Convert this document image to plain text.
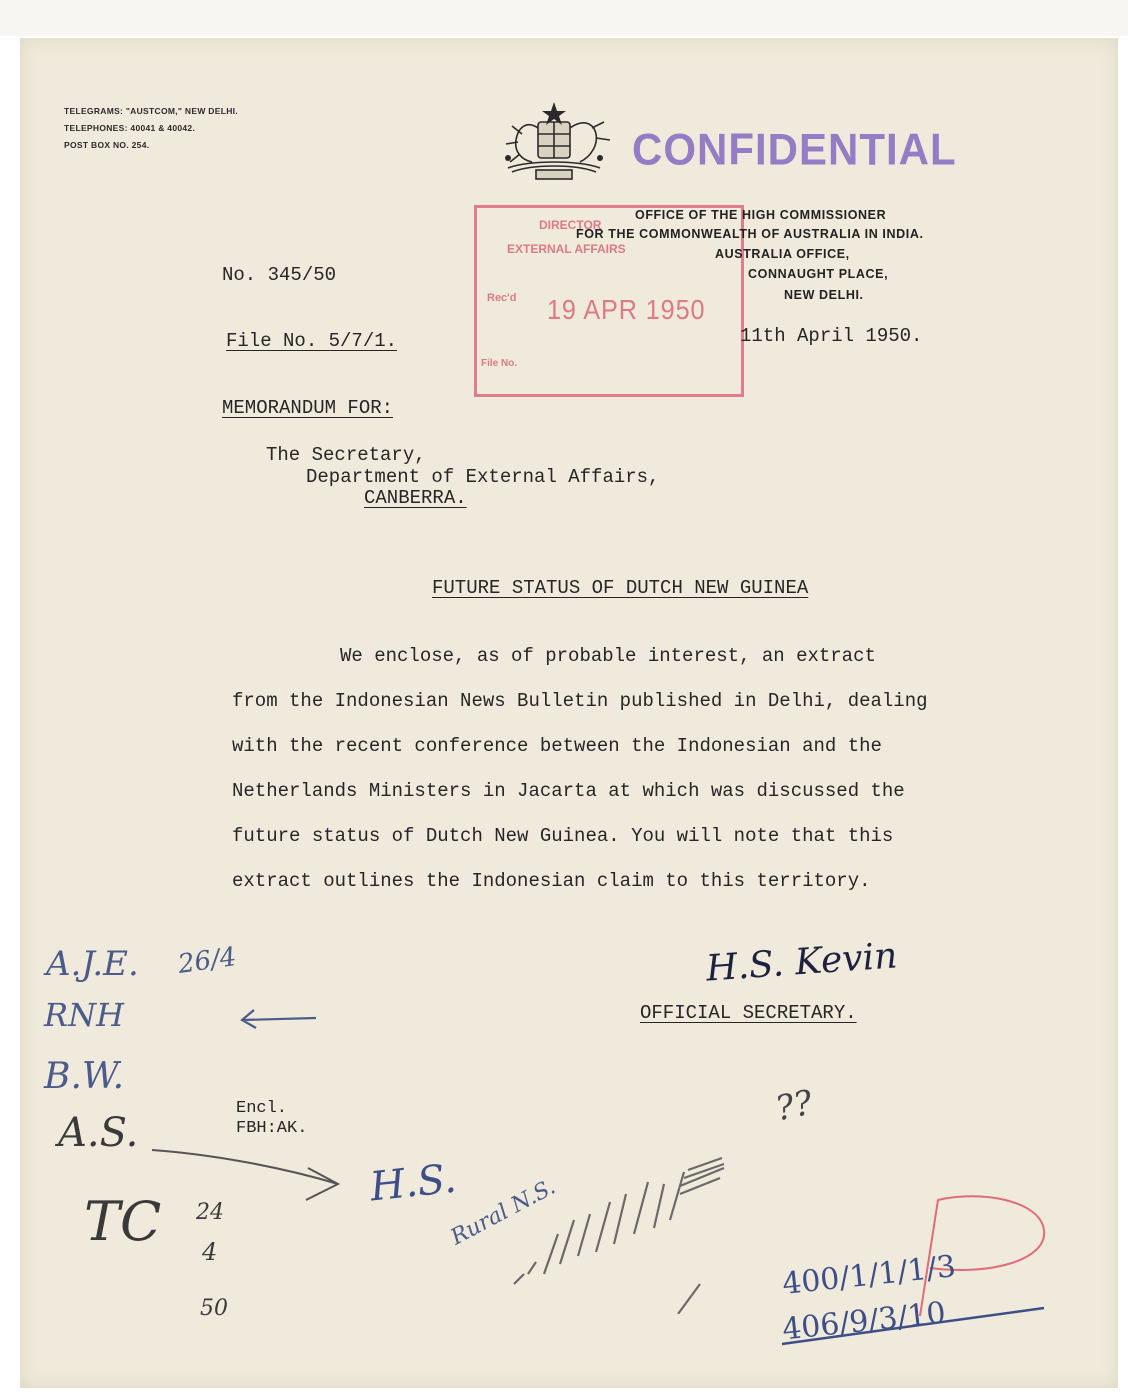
TELEGRAMS: "AUSTCOM," NEW DELHI.
TELEPHONES: 40041 & 40042.
POST BOX NO. 254.	CONFIDENTIAL
DIRECTOR
EXTERNAL AFFAIRS
Rec'd 19 APR 1950
File No.
OFFICE OF THE HIGH COMMISSIONER
FOR THE COMMONWEALTH OF AUSTRALIA IN INDIA.
AUSTRALIA OFFICE,
CONNAUGHT PLACE,
NEW DELHI.
No. 345/50
File No. 5/7/1.	11th April 1950.
MEMORANDUM FOR:
The Secretary,
Department of External Affairs,
CANBERRA.
FUTURE STATUS OF DUTCH NEW GUINEA
We enclose, as of probable interest, an extract
from the Indonesian News Bulletin published in Delhi, dealing
with the recent conference between the Indonesian and the
Netherlands Ministers in Jacarta at which was discussed the
future status of Dutch New Guinea. You will note that this
extract outlines the Indonesian claim to this territory.
H.S. Kevin
OFFICIAL SECRETARY.
Encl.
FBH:AK.
A.J.E. 26/4
RNH
B.W.
A.S.
TC 24
4
50
H.S.
Rural N.S.
??
400/1/1/1/3
406/9/3/10
